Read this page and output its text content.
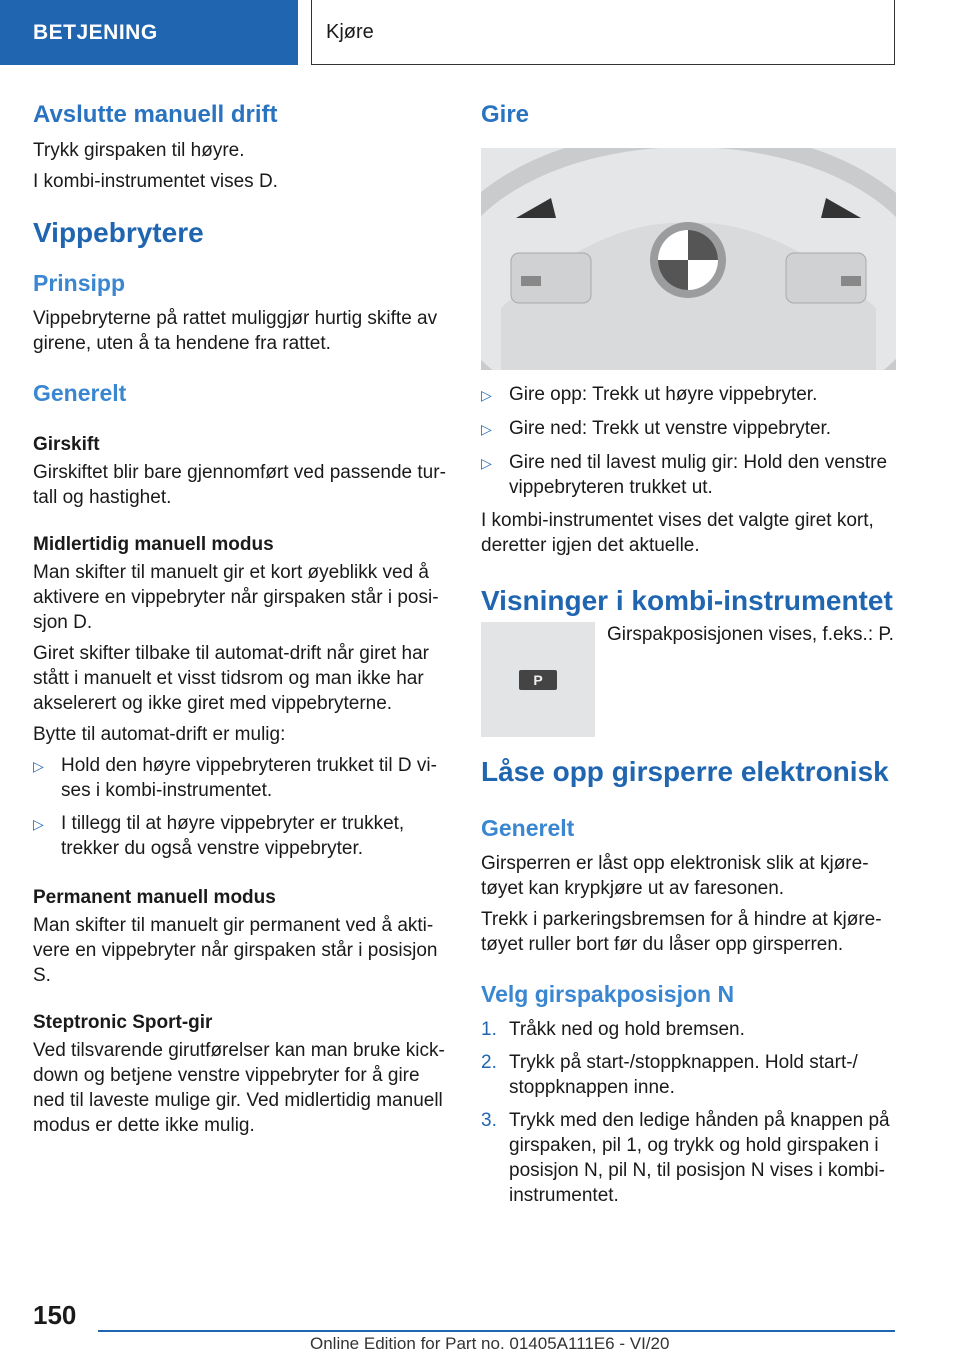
BETJENING	Kjøre
Avslutte manuell drift

Trykk girspaken til høyre.

I kombi-instrumentet vises D.

Vippebrytere
Prinsipp

Vippebryterne på rattet muliggjør hurtig skifte av girene, uten å ta hendene fra rattet.

Generelt
Girskift

Girskiftet blir bare gjennomført ved passende turtall og hastighet.

Midlertidig manuell modus

Man skifter til manuelt gir et kort øyeblikk ved å aktivere en vippebryter når girspaken står i posisjon D.

Giret skifter tilbake til automat-drift når giret har stått i manuelt et visst tidsrom og man ikke har akselerert og ikke giret med vippebryterne.

Bytte til automat-drift er mulig:

▷ Hold den høyre vippebryteren trukket til D vises i kombi-instrumentet.
▷ I tillegg til at høyre vippebryter er trukket, trekker du også venstre vippebryter.
Permanent manuell modus

Man skifter til manuelt gir permanent ved å aktivere en vippebryter når girspaken står i posisjon S.

Steptronic Sport-gir

Ved tilsvarende girutførelser kan man bruke kickdown og betjene venstre vippebryter for å gire ned til laveste mulige gir. Ved midlertidig manuell modus er dette ikke mulig.

Gire
▷ Gire opp: Trekk ut høyre vippebryter.
▷ Gire ned: Trekk ut venstre vippebryter.
▷ Gire ned til lavest mulig gir: Hold den venstre vippebryteren trukket ut.

I kombi-instrumentet vises det valgte giret kort, deretter igjen det aktuelle.

Visninger i kombi-instrumentet
P
Girspakposisjonen vises, f.eks.: P.
Låse opp girsperre elektronisk
Generelt

Girsperren er låst opp elektronisk slik at kjøretøyet kan krypkjøre ut av faresonen.

Trekk i parkeringsbremsen for å hindre at kjøretøyet ruller bort før du låser opp girsperren.

Velg girspakposisjon N
1. Tråkk ned og hold bremsen.
2. Trykk på start-/stoppknappen. Hold start-/ stoppknappen inne.
3. Trykk med den ledige hånden på knappen på girspaken, pil 1, og trykk og hold girspaken i posisjon N, pil N, til posisjon N vises i kombiinstrumentet.
150
Online Edition for Part no. 01405A111E6 - VI/20
